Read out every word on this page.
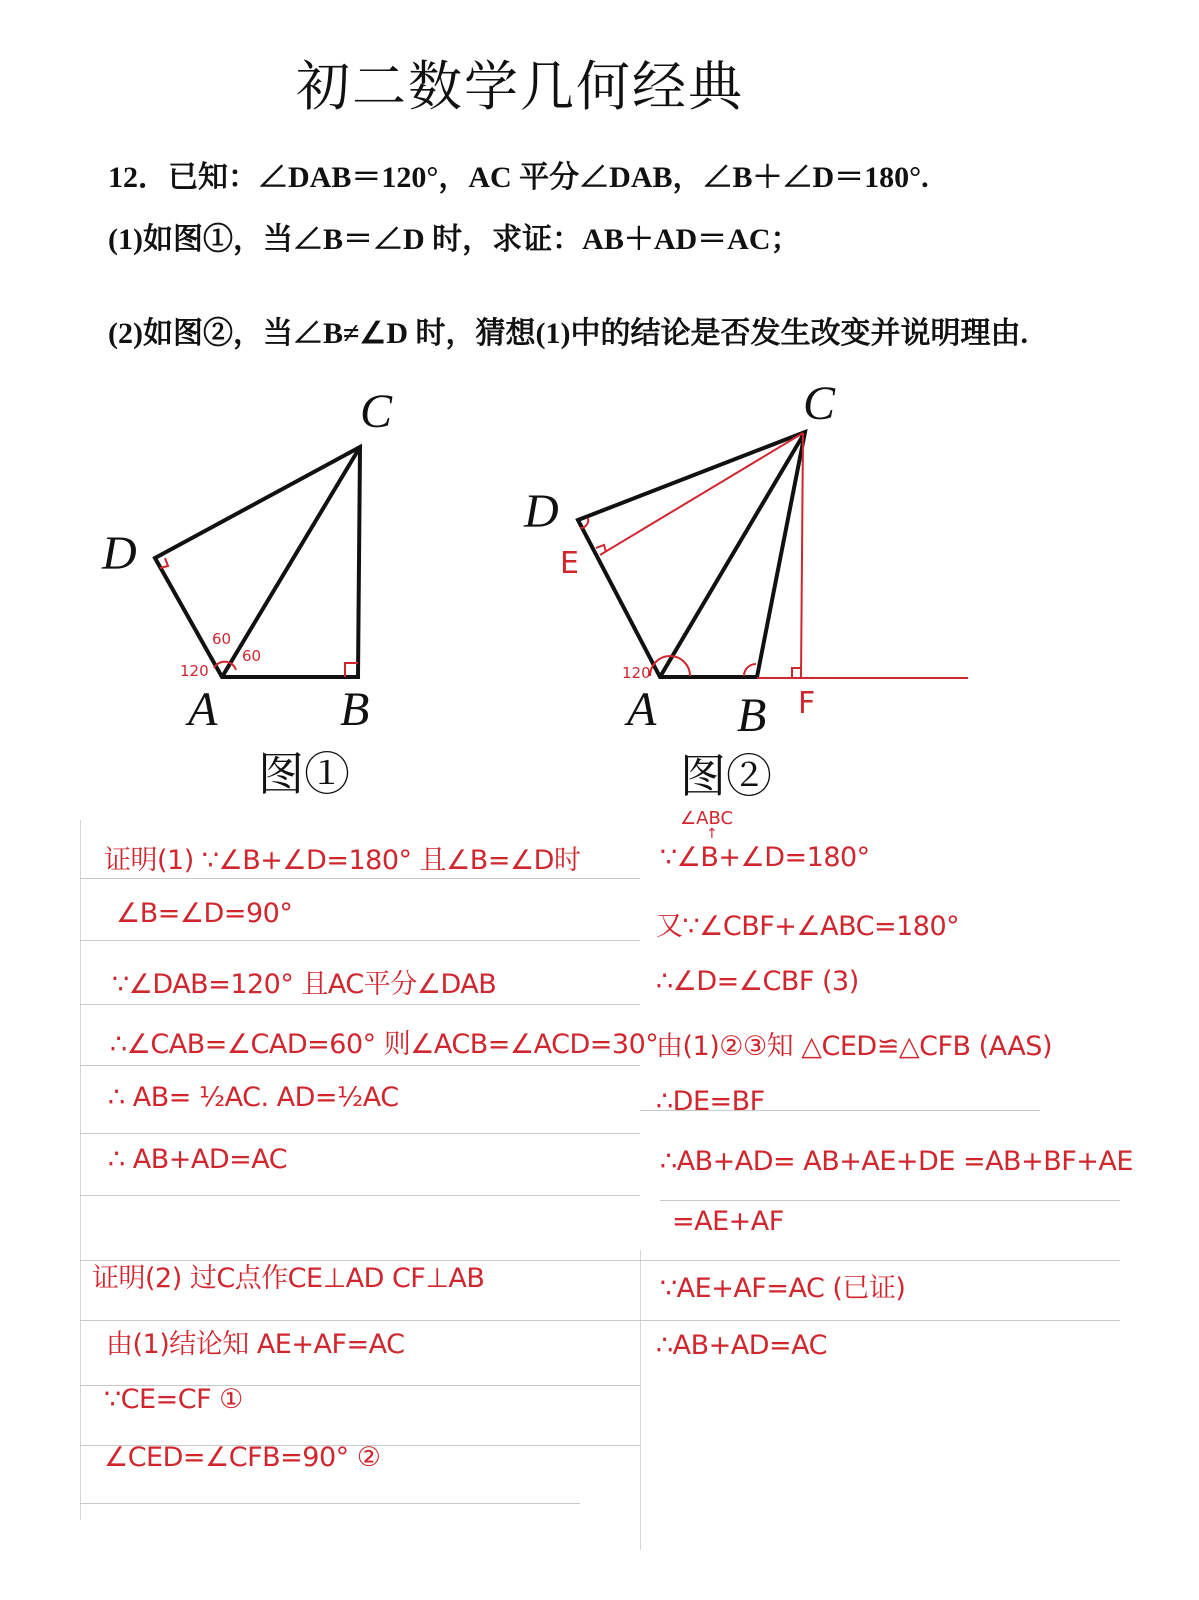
初二数学几何经典
12．已知：∠DAB＝120°，AC 平分∠DAB，∠B＋∠D＝180°.
(1)如图①，当∠B＝∠D 时，求证：AB＋AD＝AC；
(2)如图②，当∠B≠∠D 时，猜想(1)中的结论是否发生改变并说明理由.
C
D
A	B
120
60
60
图①
C
D
E
A B F
120
图②
证明(1) ∵∠B+∠D=180° 且∠B=∠D时
∠B=∠D=90°
∵∠DAB=120° 且AC平分∠DAB
∴∠CAB=∠CAD=60° 则∠ACB=∠ACD=30°
∴ AB= ½AC. AD=½AC
∴ AB+AD=AC
证明(2) 过C点作CE⊥AD CF⊥AB
由(1)结论知 AE+AF=AC
∵CE=CF ①
∠CED=∠CFB=90° ②
∠ABC
↑
∵∠B+∠D=180°
又∵∠CBF+∠ABC=180°
∴∠D=∠CBF (3)
由(1)②③知 △CED≌△CFB (AAS)
∴DE=BF
∴AB+AD= AB+AE+DE =AB+BF+AE
=AE+AF
∵AE+AF=AC (已证)
∴AB+AD=AC
